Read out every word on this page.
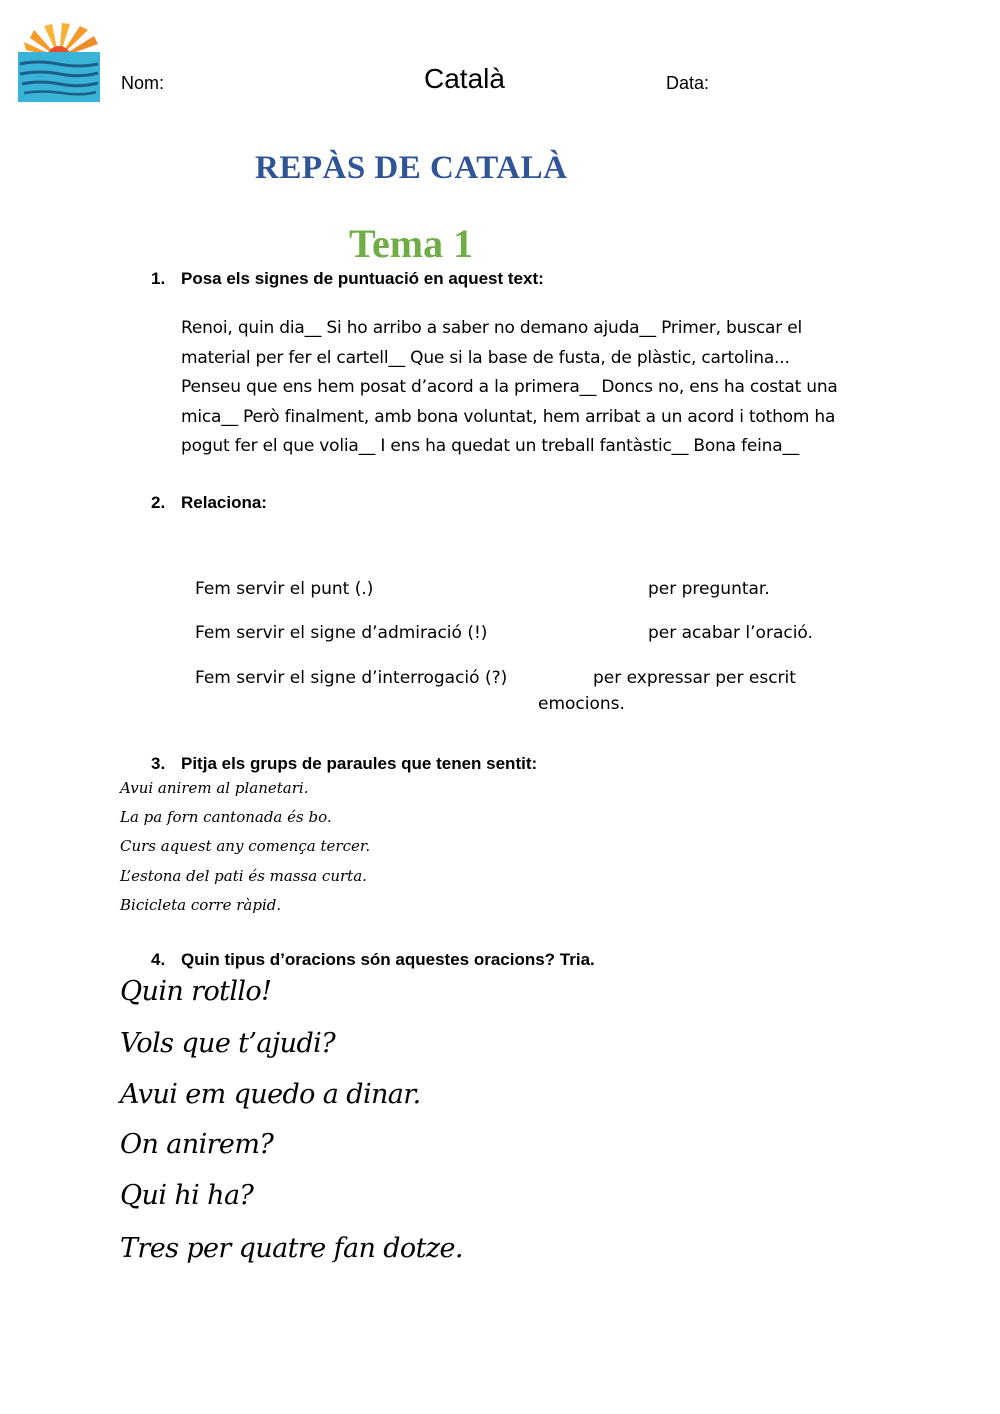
Nom:	Català	Data:
REPÀS DE CATALÀ
Tema 1
1. Posa els signes de puntuació en aquest text:
Renoi, quin dia__ Si ho arribo a saber no demano ajuda__ Primer, buscar el
material per fer el cartell__ Que si la base de fusta, de plàstic, cartolina...
Penseu que ens hem posat d’acord a la primera__ Doncs no, ens ha costat una
mica__ Però finalment, amb bona voluntat, hem arribat a un acord i tothom ha
pogut fer el que volia__ I ens ha quedat un treball fantàstic__ Bona feina__
2. Relaciona:
Fem servir el punt (.)
Fem servir el signe d’admiració (!)
Fem servir el signe d’interrogació (?)
per preguntar.
per acabar l’oració.
per expressar per escrit
emocions.
3. Pitja els grups de paraules que tenen sentit:
Avui anirem al planetari.
La pa forn cantonada és bo.
Curs aquest any comença tercer.
L’estona del pati és massa curta.
Bicicleta corre ràpid.
4. Quin tipus d’oracions són aquestes oracions? Tria.
Quin rotllo!
Vols que t’ajudi?
Avui em quedo a dinar.
On anirem?
Qui hi ha?
Tres per quatre fan dotze.
